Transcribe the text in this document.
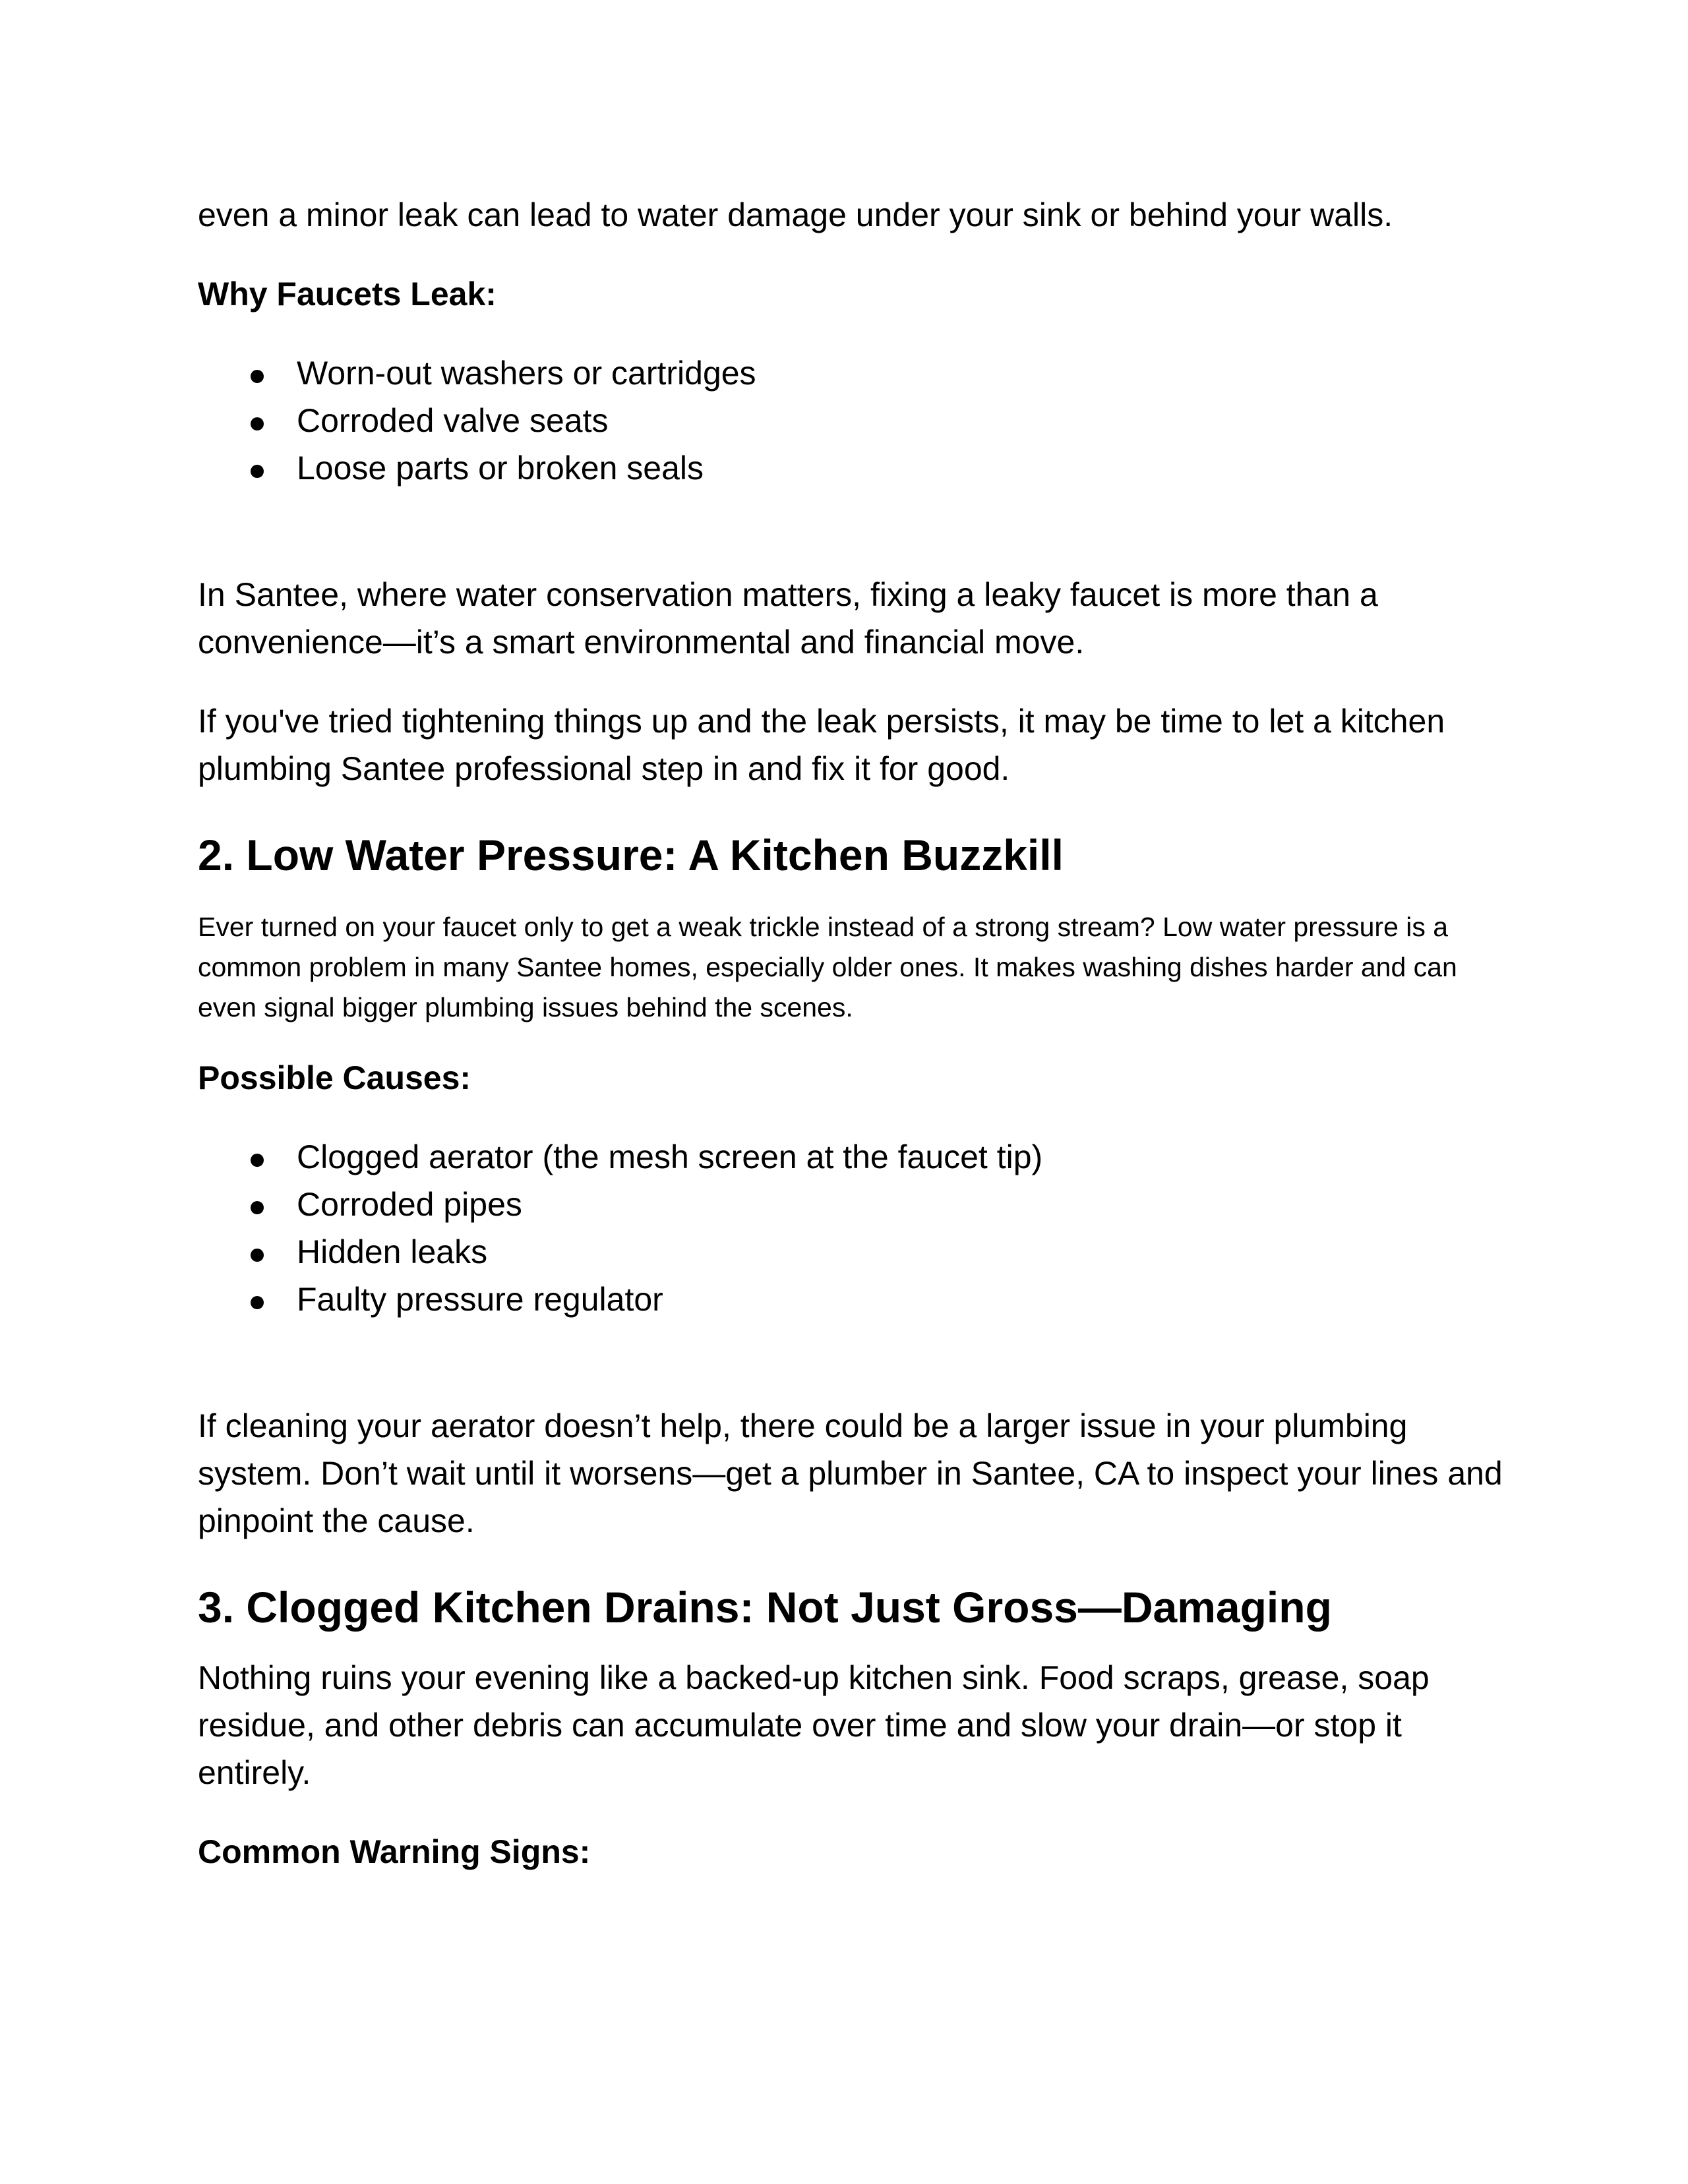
even a minor leak can lead to water damage under your sink or behind your walls.

Why Faucets Leak:

Worn-out washers or cartridges
Corroded valve seats
Loose parts or broken seals

In Santee, where water conservation matters, fixing a leaky faucet is more than a convenience—it’s a smart environmental and financial move.

If you've tried tightening things up and the leak persists, it may be time to let a kitchen plumbing Santee professional step in and fix it for good.

2. Low Water Pressure: A Kitchen Buzzkill

Ever turned on your faucet only to get a weak trickle instead of a strong stream? Low water pressure is a common problem in many Santee homes, especially older ones. It makes washing dishes harder and can even signal bigger plumbing issues behind the scenes.

Possible Causes:

Clogged aerator (the mesh screen at the faucet tip)
Corroded pipes
Hidden leaks
Faulty pressure regulator

If cleaning your aerator doesn’t help, there could be a larger issue in your plumbing system. Don’t wait until it worsens—get a plumber in Santee, CA to inspect your lines and pinpoint the cause.

3. Clogged Kitchen Drains: Not Just Gross—Damaging

Nothing ruins your evening like a backed-up kitchen sink. Food scraps, grease, soap residue, and other debris can accumulate over time and slow your drain—or stop it entirely.

Common Warning Signs:
